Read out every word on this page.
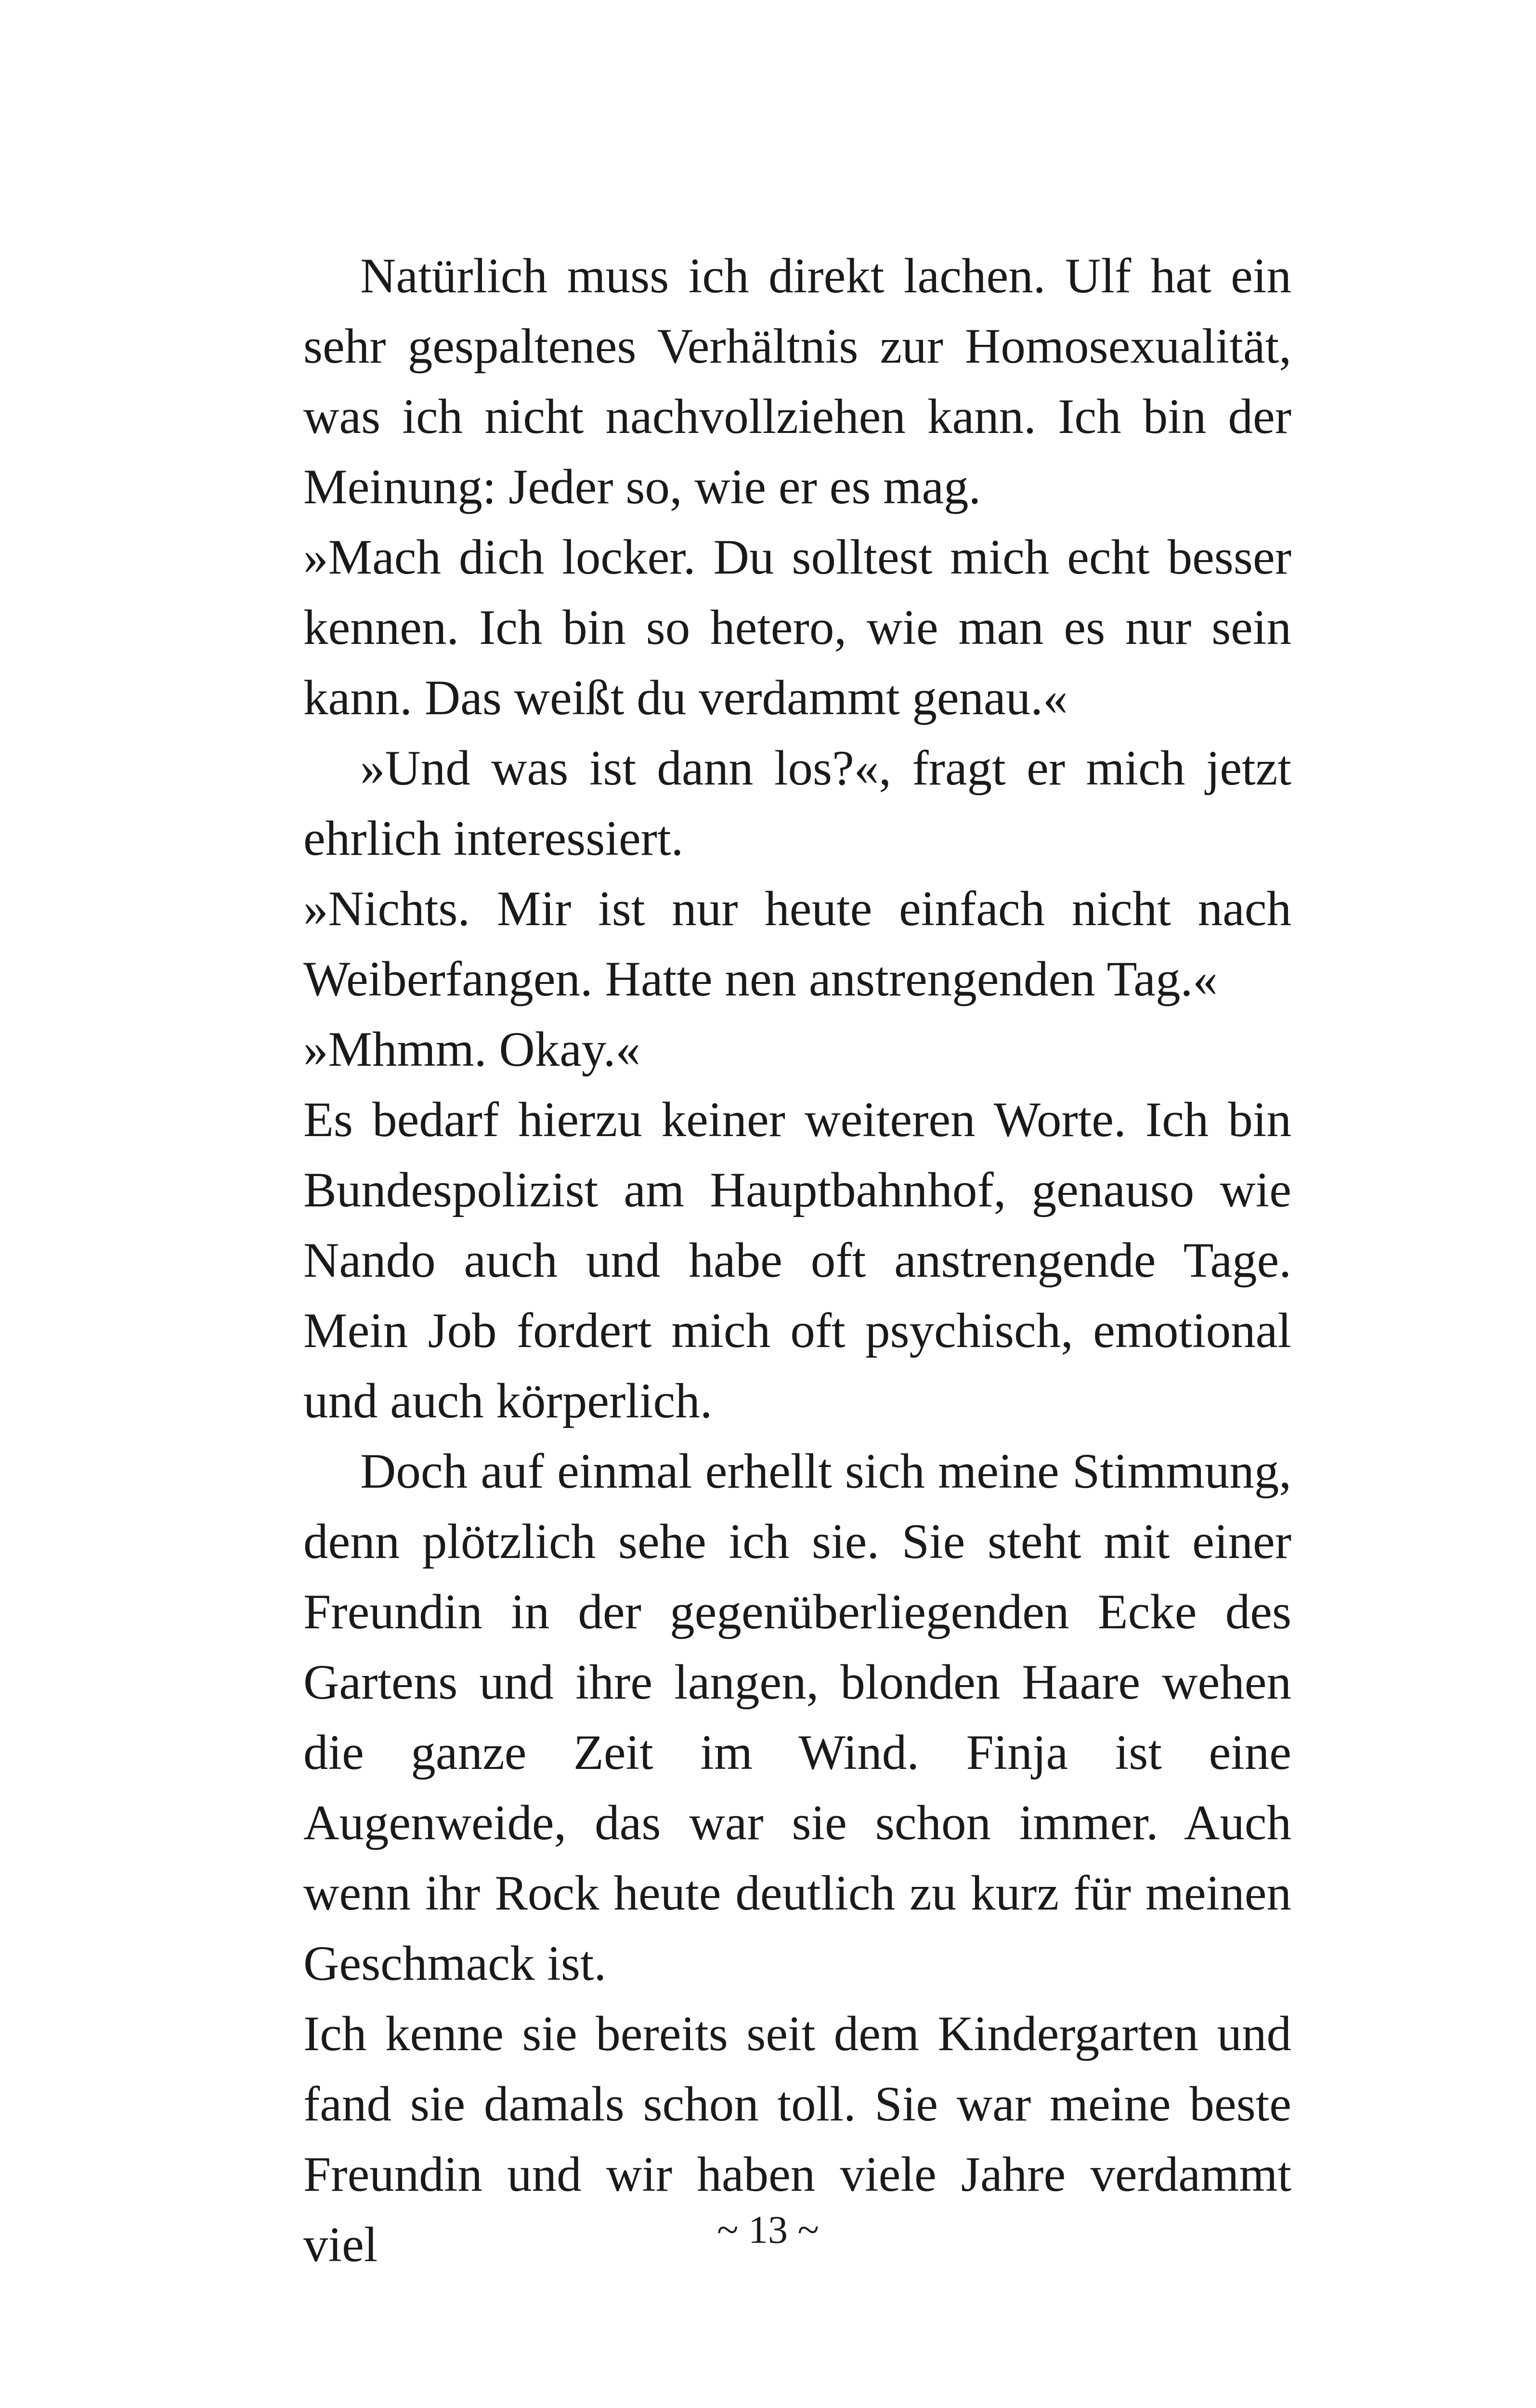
Natürlich muss ich direkt lachen. Ulf hat ein sehr gespaltenes Verhältnis zur Homosexualität, was ich nicht nachvollziehen kann. Ich bin der Meinung: Jeder so, wie er es mag.

»Mach dich locker. Du solltest mich echt besser kennen. Ich bin so hetero, wie man es nur sein kann. Das weißt du verdammt genau.«

»Und was ist dann los?«, fragt er mich jetzt ehrlich interessiert.

»Nichts. Mir ist nur heute einfach nicht nach Weiberfangen. Hatte nen anstrengenden Tag.«

»Mhmm. Okay.«

Es bedarf hierzu keiner weiteren Worte. Ich bin Bundespolizist am Hauptbahnhof, genauso wie Nando auch und habe oft anstrengende Tage. Mein Job fordert mich oft psychisch, emotional und auch körperlich.

Doch auf einmal erhellt sich meine Stimmung, denn plötzlich sehe ich sie. Sie steht mit einer Freundin in der gegenüberliegenden Ecke des Gartens und ihre langen, blonden Haare wehen die ganze Zeit im Wind. Finja ist eine Augenweide, das war sie schon immer. Auch wenn ihr Rock heute deutlich zu kurz für meinen Geschmack ist.

Ich kenne sie bereits seit dem Kindergarten und fand sie damals schon toll. Sie war meine beste Freundin und wir haben viele Jahre verdammt viel	~ 13 ~
